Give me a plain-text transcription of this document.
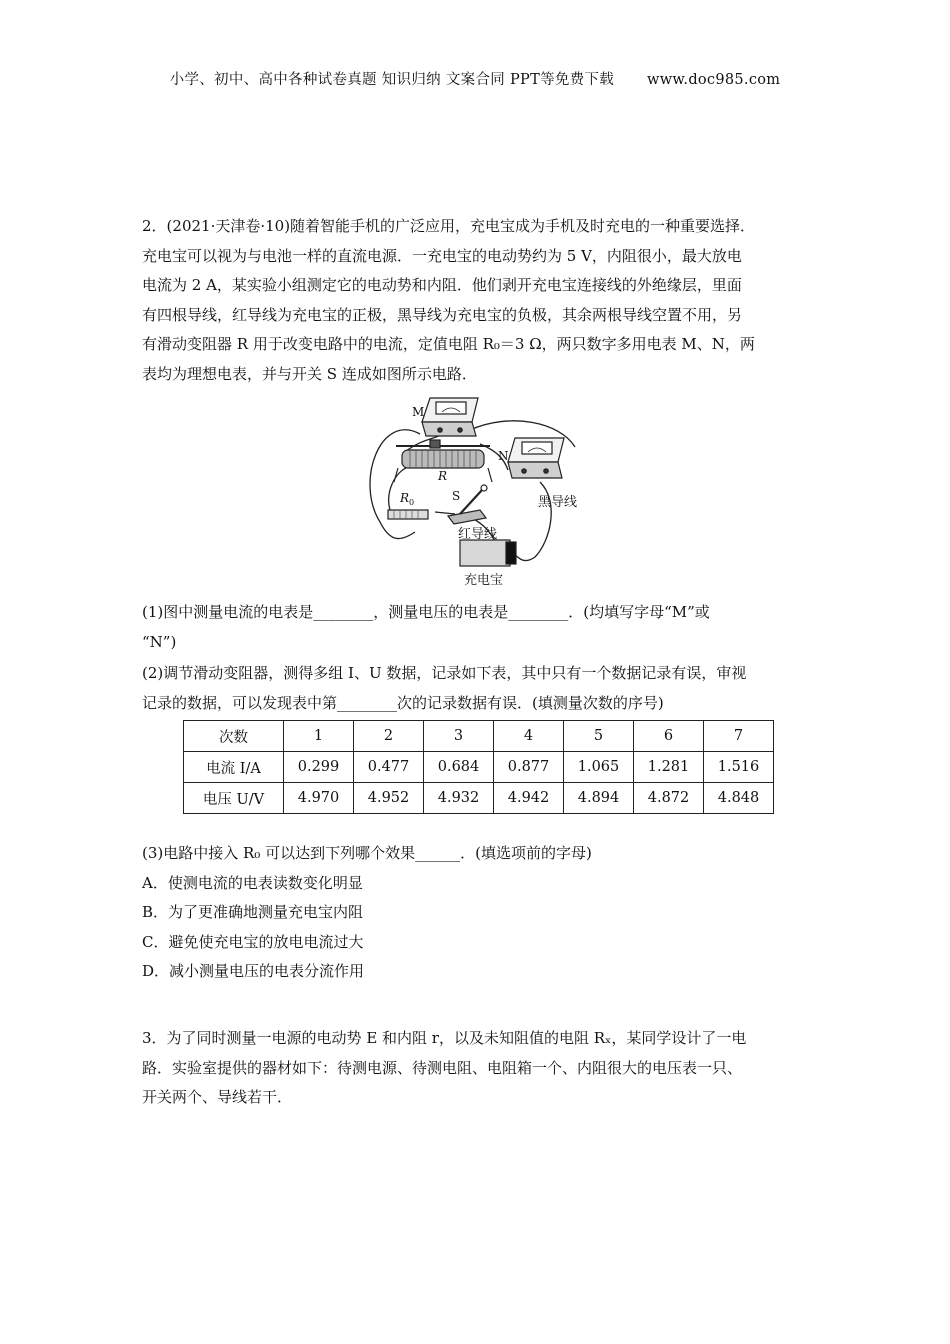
小学、初中、高中各种试卷真题 知识归纳 文案合同 PPT等免费下载 www.doc985.com
2．(2021·天津卷·10)随着智能手机的广泛应用，充电宝成为手机及时充电的一种重要选择．
充电宝可以视为与电池一样的直流电源．一充电宝的电动势约为 5 V，内阻很小，最大放电
电流为 2 A，某实验小组测定它的电动势和内阻．他们剥开充电宝连接线的外绝缘层，里面
有四根导线，红导线为充电宝的正极，黑导线为充电宝的负极，其余两根导线空置不用，另
有滑动变阻器 R 用于改变电路中的电流，定值电阻 R₀＝3 Ω，两只数字多用电表 M、N，两
表均为理想电表，并与开关 S 连成如图所示电路．
M
N
R
$R_0$	S	黑导线
红导线
充电宝
(1)图中测量电流的电表是________，测量电压的电表是________．(均填写字母“M”或
“N”)
(2)调节滑动变阻器，测得多组 I、U 数据，记录如下表，其中只有一个数据记录有误，审视
记录的数据，可以发现表中第________次的记录数据有误．(填测量次数的序号)
次数	1	2	3	4	5	6	7
电流 I/A	0.299	0.477	0.684	0.877	1.065	1.281	1.516
电压 U/V	4.970	4.952	4.932	4.942	4.894	4.872	4.848
(3)电路中接入 R₀ 可以达到下列哪个效果______．(填选项前的字母)
A．使测电流的电表读数变化明显
B．为了更准确地测量充电宝内阻
C．避免使充电宝的放电电流过大
D．减小测量电压的电表分流作用
3．为了同时测量一电源的电动势 E 和内阻 r，以及未知阻值的电阻 Rₓ，某同学设计了一电
路．实验室提供的器材如下：待测电源、待测电阻、电阻箱一个、内阻很大的电压表一只、
开关两个、导线若干．
